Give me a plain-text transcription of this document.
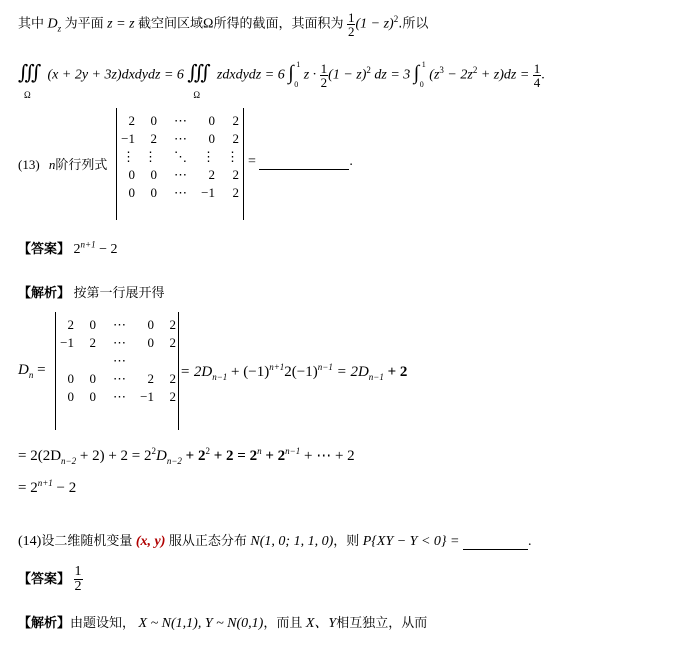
其中 $D_z$ 为平面 z = z 截空间区域Ω所得的截面，其面积为 $\frac{1}{2} (1 - z)^2$.所以
∭
Ω
(x + 2y + 3z)dxdydz = 6 ∭
Ω
zdxdydz = 6 ∫ 1
0
$z \cdot \frac{1}{2} (1 - z)^2$ dz = 3 ∫ 1
0
$(z^3 - 2z^2 + z)dz = \frac{1}{4}$ .
(13) n阶行列式
2	0	⋯	0	2
−1	2	⋯	0	2
⋮	⋮	⋱	⋮	⋮
0	0	⋯	2	2
0	0	⋯	−1	2
=	.
【答案】 $2^{n+1} - 2$
【解析】 按第一行展开得
$D_n$ =
2	0	⋯	0	2
−1	2	⋯	0	2
		⋯		
0	0	⋯	2	2
0	0	⋯	−1	2
= $2D_{n-1} + (-1)^{n+1}2(-1)^{n-1} = 2D_{n-1} + 2$
= $2(2D_{n-2} + 2) + 2 = 2^2D_{n-2} + 2^2 + 2 = 2^n + 2^{n-1}$ + ⋯ + 2
= $2^{n+1} - 2$
(14)设二维随机变量 (x, y) 服从正态分布 N(1, 0; 1, 1, 0)，则 P{XY − Y < 0} =	.
【答案】 $\frac{1}{2}$
【解析】由题设知， X ~ N(1,1), Y ~ N(0,1)，而且 X、Y相互独立，从而
